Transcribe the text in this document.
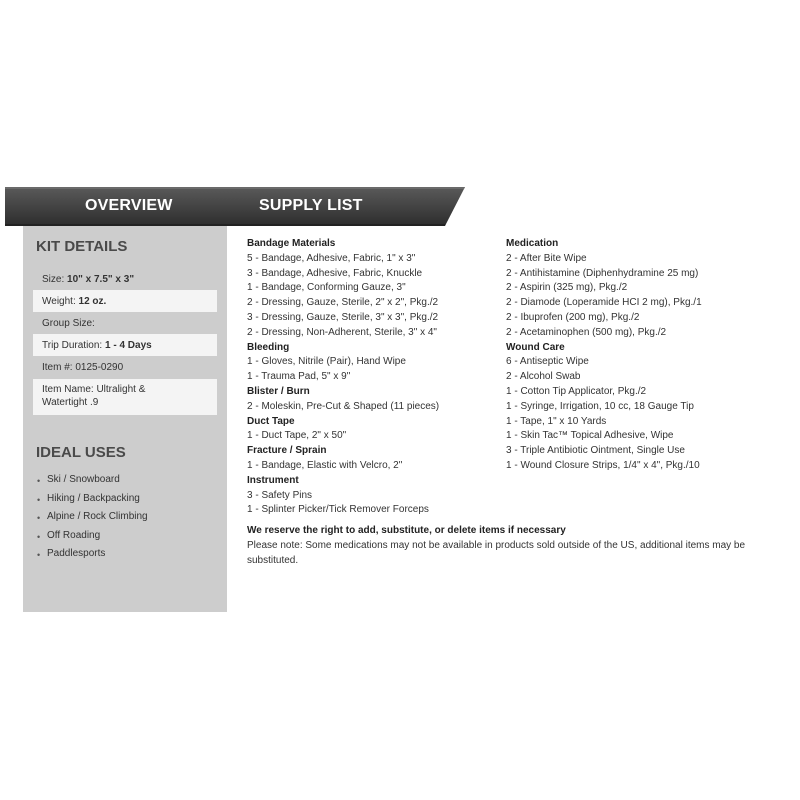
OVERVIEW	SUPPLY LIST
KIT DETAILS
Size:
10" x 7.5" x 3"
Weight:
12 oz.
Group Size:
Trip Duration:
1 - 4 Days
Item #: 0125-0290
Item Name: Ultralight &
Watertight .9
IDEAL USES
• Ski / Snowboard
• Hiking / Backpacking
• Alpine / Rock Climbing
• Off Roading
• Paddlesports
Bandage Materials
5 - Bandage, Adhesive, Fabric, 1" x 3"
3 - Bandage, Adhesive, Fabric, Knuckle
1 - Bandage, Conforming Gauze, 3"
2 - Dressing, Gauze, Sterile, 2" x 2", Pkg./2
3 - Dressing, Gauze, Sterile, 3" x 3", Pkg./2
2 - Dressing, Non-Adherent, Sterile, 3" x 4"
Bleeding
1 - Gloves, Nitrile (Pair), Hand Wipe
1 - Trauma Pad, 5" x 9"
Blister / Burn
2 - Moleskin, Pre-Cut & Shaped (11 pieces)
Duct Tape
1 - Duct Tape, 2" x 50"
Fracture / Sprain
1 - Bandage, Elastic with Velcro, 2"
Instrument
3 - Safety Pins
1 - Splinter Picker/Tick Remover Forceps
Medication
2 - After Bite Wipe
2 - Antihistamine (Diphenhydramine 25 mg)
2 - Aspirin (325 mg), Pkg./2
2 - Diamode (Loperamide HCI 2 mg), Pkg./1
2 - Ibuprofen (200 mg), Pkg./2
2 - Acetaminophen (500 mg), Pkg./2
Wound Care
6 - Antiseptic Wipe
2 - Alcohol Swab
1 - Cotton Tip Applicator, Pkg./2
1 - Syringe, Irrigation, 10 cc, 18 Gauge Tip
1 - Tape, 1" x 10 Yards
1 - Skin Tac™ Topical Adhesive, Wipe
3 - Triple Antibiotic Ointment, Single Use
1 - Wound Closure Strips, 1/4" x 4", Pkg./10
We reserve the right to add, substitute, or delete items if necessary
Please note: Some medications may not be available in products sold outside of the US, additional items may be substituted.
